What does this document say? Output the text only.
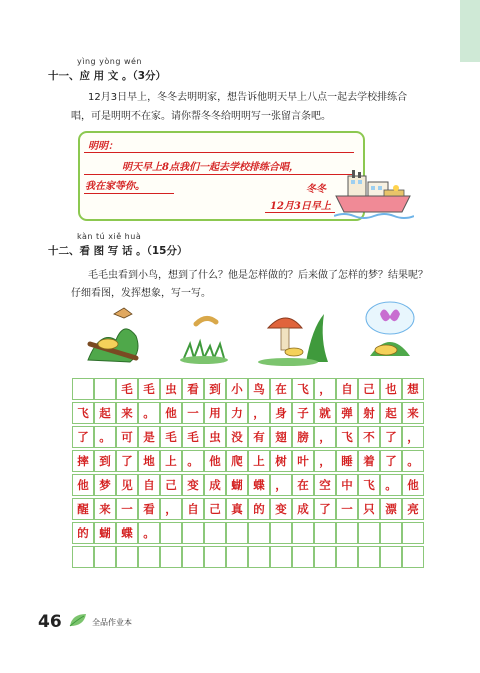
yìng yòng wén
十一、应 用 文 。（3分）
12月3日早上，冬冬去明明家，想告诉他明天早上八点一起去学校排练合
唱，可是明明不在家。请你帮冬冬给明明写一张留言条吧。
明明：
明天早上8点我们一起去学校排练合唱，
我在家等你。	冬冬
12月3日早上
kàn tú xiě huà
十二、看 图 写 话 。（15分）
毛毛虫看到小鸟，想到了什么？他是怎样做的？后来做了怎样的梦？结果呢？
仔细看图，发挥想象，写一写。
毛 毛 虫 看 到 小 鸟 在 飞 ， 自 己 也 想
飞 起 来 。 他 一 用 力 ， 身 子 就 弹 射 起 来
了 。 可 是 毛 毛 虫 没 有 翅 膀 ， 飞 不 了 ，
摔 到 了 地 上 。 他 爬 上 树 叶 ， 睡 着 了 。
他 梦 见 自 己 变 成 蝴 蝶 ， 在 空 中 飞 。 他
醒 来 一 看 ， 自 己 真 的 变 成 了 一 只 漂 亮
的 蝴 蝶 。
46	全品作业本
